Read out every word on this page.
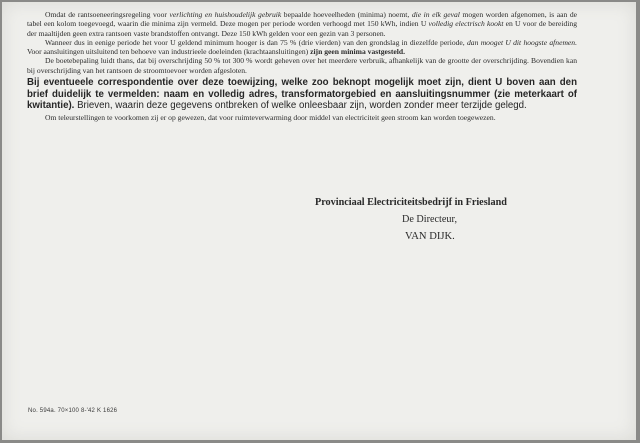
Omdat de rantsoeneeringsregeling voor verlichting en huishoudelijk gebruik bepaalde hoeveelheden (minima) noemt, die in elk geval mogen worden afgenomen, is aan de tabel een kolom toegevoegd, waarin die minima zijn vermeld. Deze mogen per periode worden verhoogd met 150 kWh, indien U volledig electrisch kookt en U voor de bereiding der maaltijden geen extra rantsoen vaste brandstoffen ontvangt. Deze 150 kWh gelden voor een gezin van 3 personen.

Wanneer dus in eenige periode het voor U geldend minimum hooger is dan 75 % (drie vierden) van den grondslag in diezelfde periode, dan mooget U dit hoogste afnemen. Voor aansluitingen uitsluitend ten behoeve van industrieele doeleinden (krachtaansluitingen) zijn geen minima vastgesteld.

De boetebepaling luidt thans, dat bij overschrijding 50 % tot 300 % wordt geheven over het meerdere verbruik, afhankelijk van de grootte der overschrijding. Bovendien kan bij overschrijding van het rantsoen de stroomtoevoer worden afgesloten.

Bij eventueele correspondentie over deze toewijzing, welke zoo beknopt mogelijk moet zijn, dient U boven aan den brief duidelijk te vermelden: naam en volledig adres, transformatorgebied en aansluitingsnummer (zie meterkaart of kwitantie). Brieven, waarin deze gegevens ontbreken of welke onleesbaar zijn, worden zonder meer terzijde gelegd.

Om teleurstellingen te voorkomen zij er op gewezen, dat voor ruimteverwarming door middel van electriciteit geen stroom kan worden toegewezen.

Provinciaal Electriciteitsbedrijf in Friesland
De Directeur,
VAN DIJK.
No. 594a. 70×100 8-'42 K 1626
